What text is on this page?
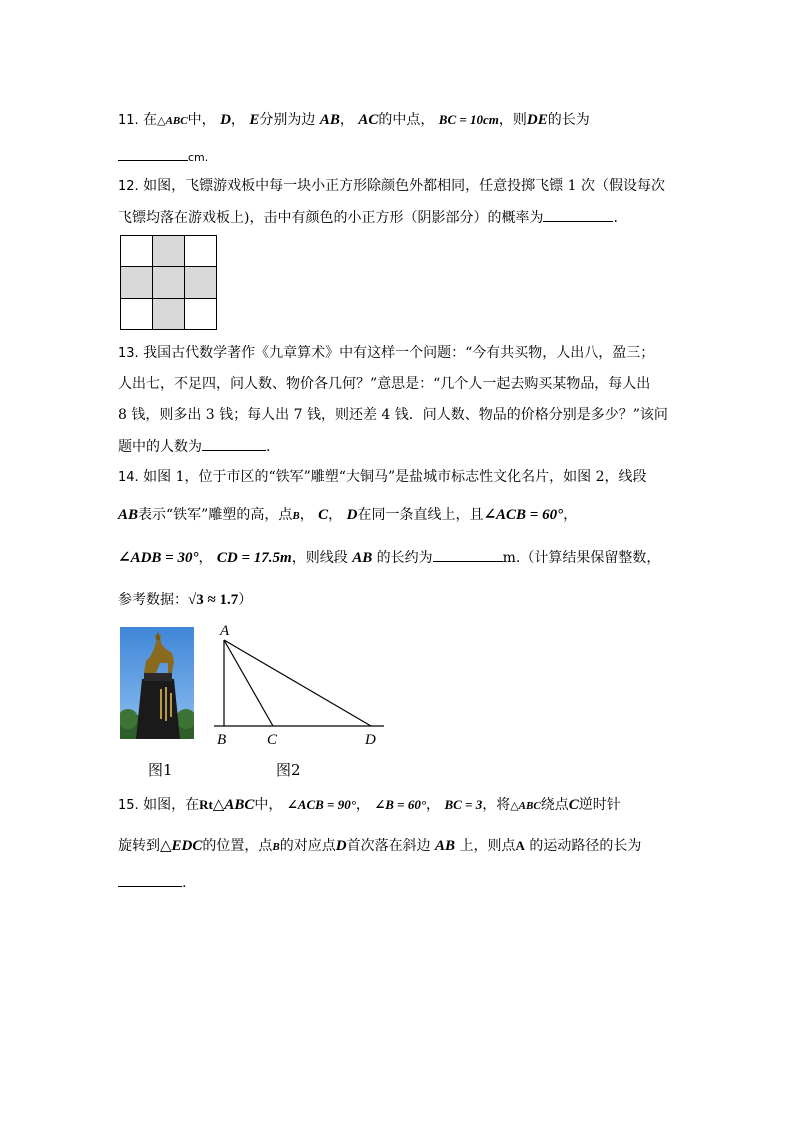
11. 在△ABC中， D， E分别为边 AB， AC的中点， BC = 10cm，则DE的长为
cm.
12. 如图，飞镖游戏板中每一块小正方形除颜色外都相同，任意投掷飞镖 1 次（假设每次
飞镖均落在游戏板上)，击中有颜色的小正方形（阴影部分）的概率为	.
13. 我国古代数学著作《九章算术》中有这样一个问题：“今有共买物，人出八，盈三；
人出七，不足四，问人数、物价各几何？”意思是：“几个人一起去购买某物品，每人出
8 钱，则多出 3 钱；每人出 7 钱，则还差 4 钱．问人数、物品的价格分别是多少？”该问
题中的人数为	.
14. 如图 1，位于市区的“铁军”雕塑“大铜马”是盐城市标志性文化名片，如图 2，线段
AB表示“铁军”雕塑的高，点B， C， D在同一条直线上，且∠ACB = 60°，
∠ADB = 30°， CD = 17.5m，则线段 AB 的长约为	m.（计算结果保留整数，
参考数据：√3 ≈ 1.7）
A
B	C	D
图1	图2
15. 如图，在Rt△ABC中， ∠ACB = 90°， ∠B = 60°， BC = 3，将△ABC绕点C逆时针
旋转到△EDC的位置，点B的对应点D首次落在斜边 AB 上，则点A 的运动路径的长为
.
